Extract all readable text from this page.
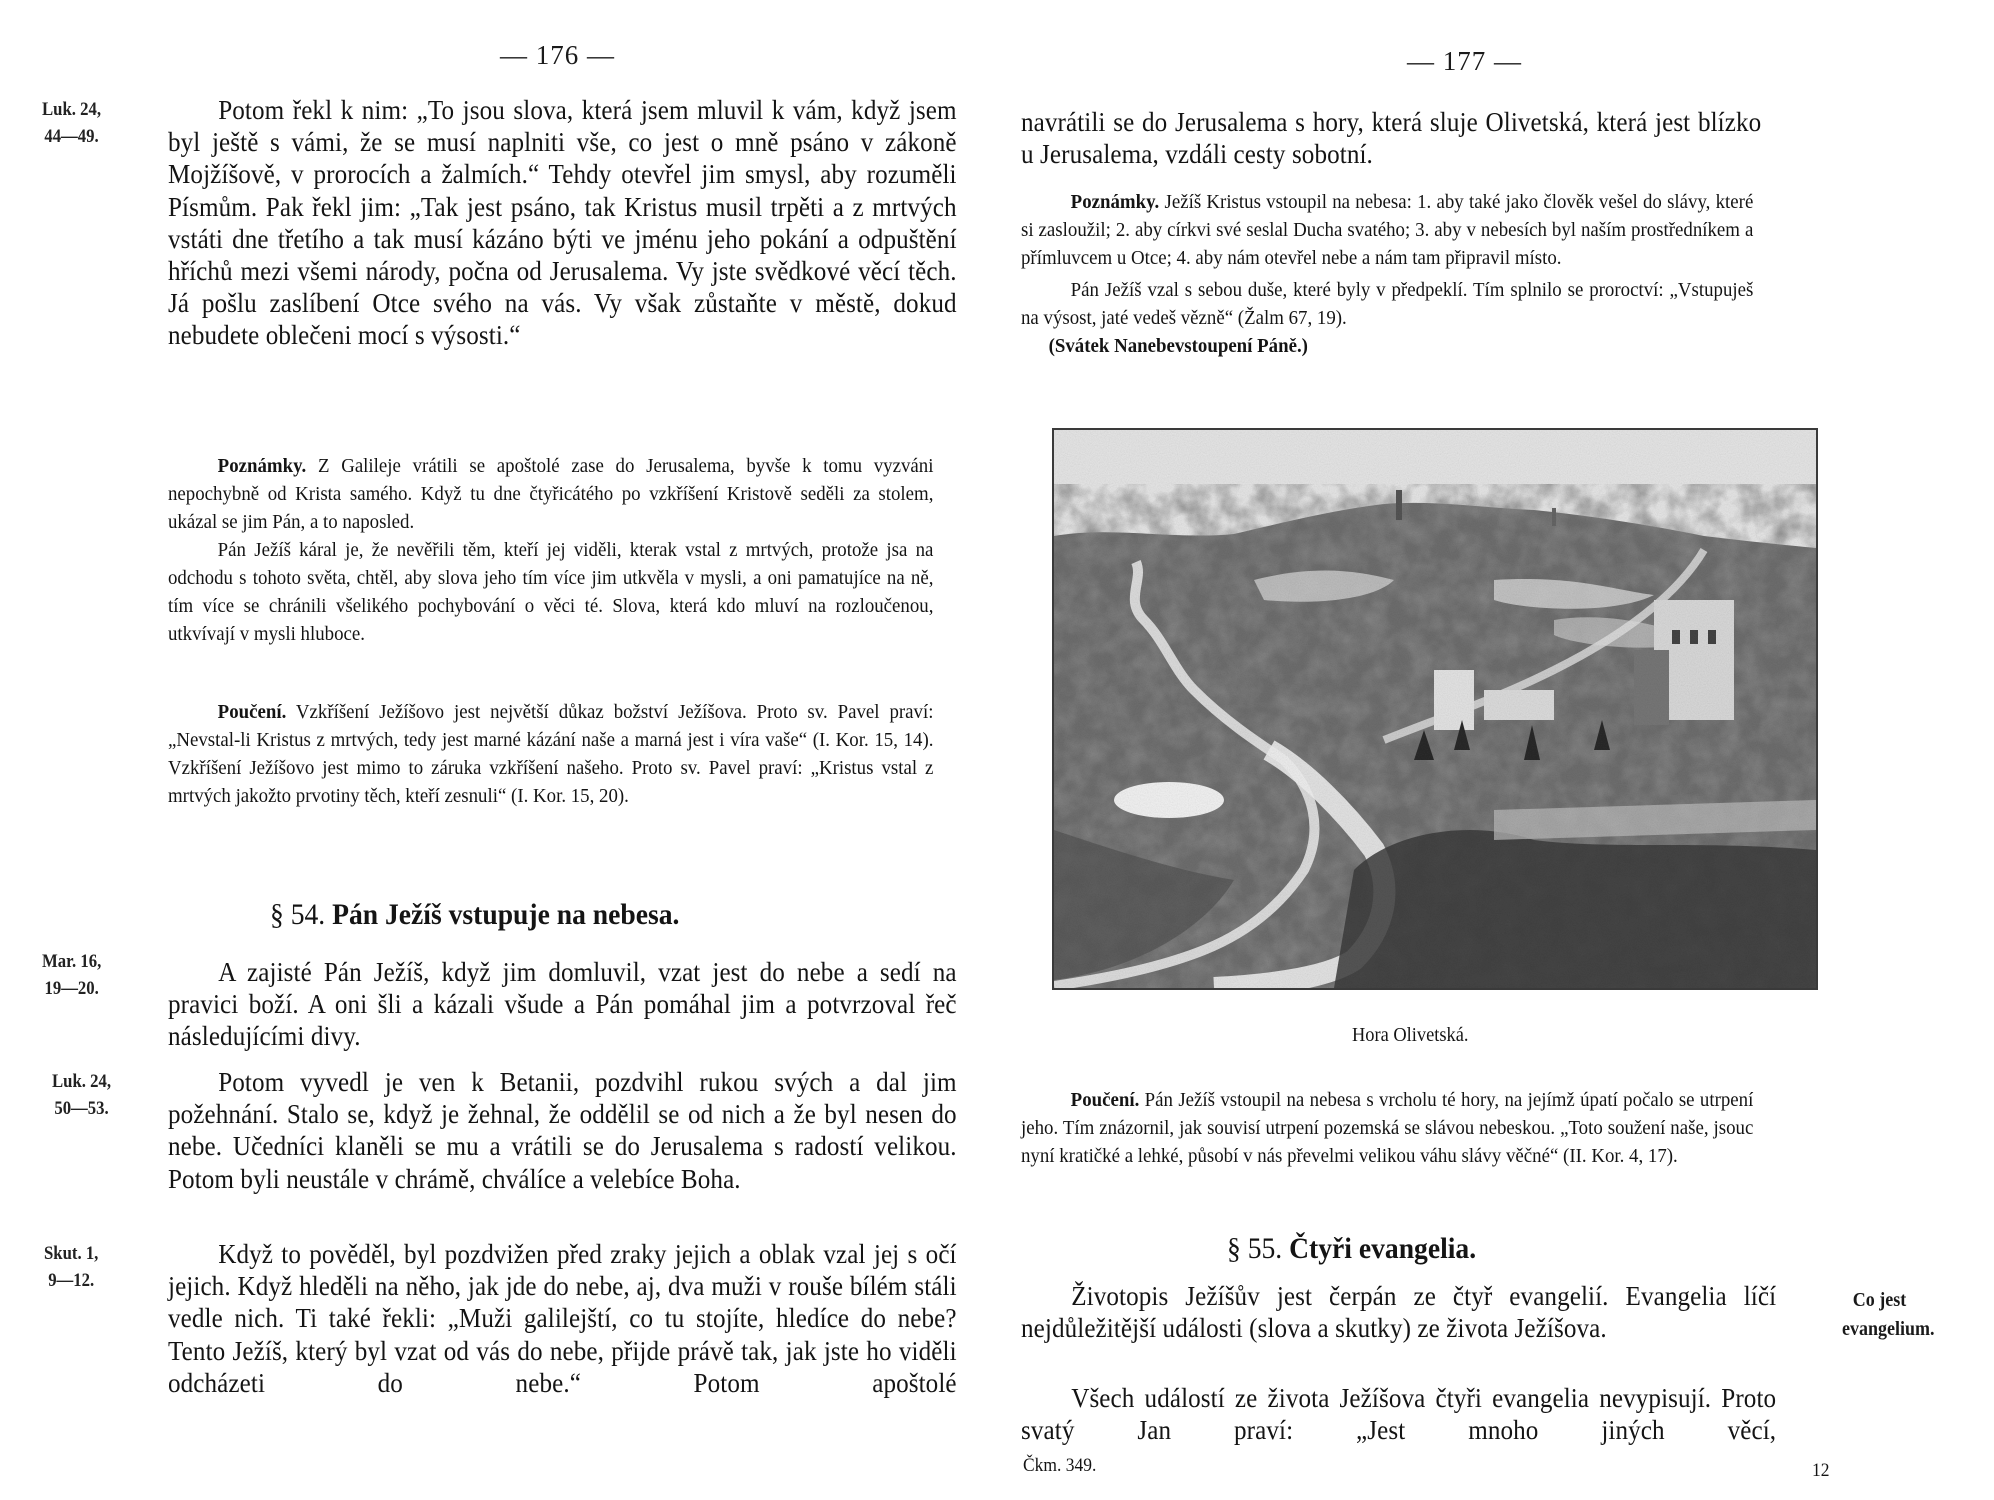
— 176 —
Luk. 24,
44—49.
Mar. 16,
19—20.
Luk. 24,
50—53.
Skut. 1,
9—12.
Potom řekl k nim: „To jsou slova, která jsem mluvil k vám, když jsem byl ještě s vámi, že se musí naplniti vše, co jest o mně psáno v zákoně Mojžíšově, v prorocích a žalmích.“ Tehdy otevřel jim smysl, aby rozuměli Písmům. Pak řekl jim: „Tak jest psáno, tak Kristus musil trpěti a z mrtvých vstáti dne třetího a tak musí kázáno býti ve jménu jeho pokání a odpuštění hříchů mezi všemi národy, počna od Jerusalema. Vy jste svědkové věcí těch. Já pošlu zaslíbení Otce svého na vás. Vy však zůstaňte v městě, dokud nebudete oblečeni mocí s výsosti.“

Poznámky. Z Galileje vrátili se apoštolé zase do Jerusalema, byvše k tomu vyzváni nepochybně od Krista samého. Když tu dne čtyřicátého po vzkříšení Kristově seděli za stolem, ukázal se jim Pán, a to naposled.

Pán Ježíš káral je, že nevěřili těm, kteří jej viděli, kterak vstal z mrtvých, protože jsa na odchodu s tohoto světa, chtěl, aby slova jeho tím více jim utkvěla v mysli, a oni pamatujíce na ně, tím více se chránili všelikého pochybování o věci té. Slova, která kdo mluví na rozloučenou, utkvívají v mysli hluboce.

Poučení. Vzkříšení Ježíšovo jest největší důkaz božství Ježíšova. Proto sv. Pavel praví: „Nevstal-li Kristus z mrtvých, tedy jest marné kázání naše a marná jest i víra vaše“ (I. Kor. 15, 14). Vzkříšení Ježíšovo jest mimo to záruka vzkříšení našeho. Proto sv. Pavel praví: „Kristus vstal z mrtvých jakožto prvotiny těch, kteří zesnuli“ (I. Kor. 15, 20).

§ 54. Pán Ježíš vstupuje na nebesa.
A zajisté Pán Ježíš, když jim domluvil, vzat jest do nebe a sedí na pravici boží. A oni šli a kázali všude a Pán pomáhal jim a potvrzoval řeč následujícími divy.
Potom vyvedl je ven k Betanii, pozdvihl rukou svých a dal jim požehnání. Stalo se, když je žehnal, že oddělil se od nich a že byl nesen do nebe. Učedníci klaněli se mu a vrátili se do Jerusalema s radostí velikou. Potom byli neustále v chrámě, chválíce a velebíce Boha.
Když to pověděl, byl pozdvižen před zraky jejich a oblak vzal jej s očí jejich. Když hleděli na něho, jak jde do nebe, aj, dva muži v rouše bílém stáli vedle nich. Ti také řekli: „Muži galilejští, co tu stojíte, hledíce do nebe? Tento Ježíš, který byl vzat od vás do nebe, přijde právě tak, jak jste ho viděli odcházeti do nebe.“ Potom apoštolé
— 177 —
navrátili se do Jerusalema s hory, která sluje Olivetská, která jest blízko u Jerusalema, vzdáli cesty sobotní.

Poznámky. Ježíš Kristus vstoupil na nebesa: 1. aby také jako člověk vešel do slávy, které si zasloužil; 2. aby církvi své seslal Ducha svatého; 3. aby v nebesích byl naším prostředníkem a přímluvcem u Otce; 4. aby nám otevřel nebe a nám tam připravil místo.

Pán Ježíš vzal s sebou duše, které byly v předpeklí. Tím splnilo se proroctví: „Vstupuješ na výsost, jaté vedeš vězně“ (Žalm 67, 19).

(Svátek Nanebevstoupení Páně.)

Hora Olivetská.

Poučení. Pán Ježíš vstoupil na nebesa s vrcholu té hory, na jejímž úpatí počalo se utrpení jeho. Tím znázornil, jak souvisí utrpení pozemská se slávou nebeskou. „Toto soužení naše, jsouc nyní kratičké a lehké, působí v nás převelmi velikou váhu slávy věčné“ (II. Kor. 4, 17).

§ 55. Čtyři evangelia.
Životopis Ježíšův jest čerpán ze čtyř evangelií. Evangelia líčí nejdůležitější události (slova a skutky) ze života Ježíšova.
Všech událostí ze života Ježíšova čtyři evangelia nevypisují. Proto svatý Jan praví: „Jest mnoho jiných věcí,
Co jest
evangelium.
Čkm. 349.	12
